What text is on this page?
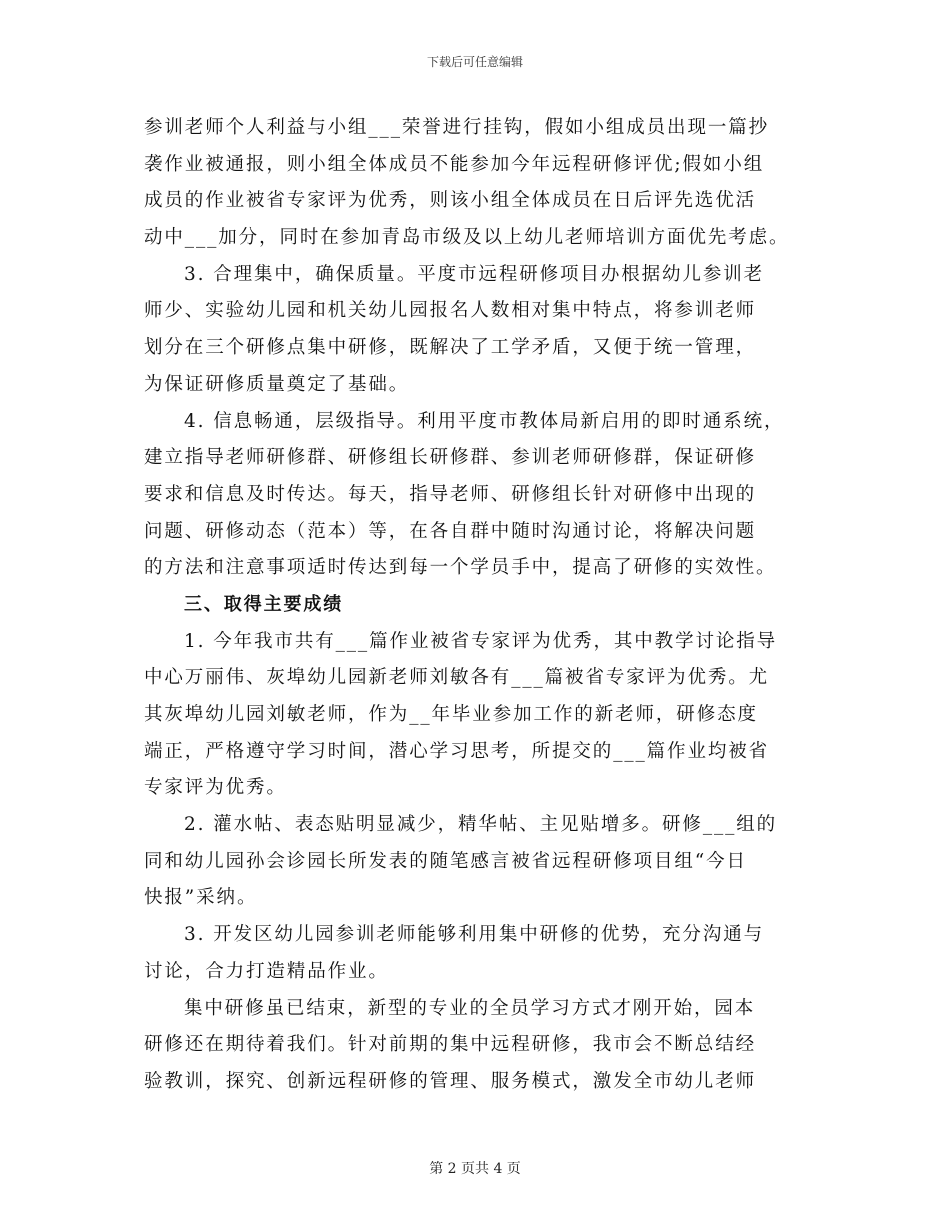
下载后可任意编辑
参训老师个人利益与小组___荣誉进行挂钩，假如小组成员出现一篇抄
袭作业被通报，则小组全体成员不能参加今年远程研修评优;假如小组
成员的作业被省专家评为优秀，则该小组全体成员在日后评先选优活
动中___加分，同时在参加青岛市级及以上幼儿老师培训方面优先考虑。
3. 合理集中，确保质量。平度市远程研修项目办根据幼儿参训老
师少、实验幼儿园和机关幼儿园报名人数相对集中特点，将参训老师
划分在三个研修点集中研修，既解决了工学矛盾，又便于统一管理，
为保证研修质量奠定了基础。
4. 信息畅通，层级指导。利用平度市教体局新启用的即时通系统，
建立指导老师研修群、研修组长研修群、参训老师研修群，保证研修
要求和信息及时传达。每天，指导老师、研修组长针对研修中出现的
问题、研修动态（范本）等，在各自群中随时沟通讨论，将解决问题
的方法和注意事项适时传达到每一个学员手中，提高了研修的实效性。
三、取得主要成绩
1. 今年我市共有___篇作业被省专家评为优秀，其中教学讨论指导
中心万丽伟、灰埠幼儿园新老师刘敏各有___篇被省专家评为优秀。尤
其灰埠幼儿园刘敏老师，作为__年毕业参加工作的新老师，研修态度
端正，严格遵守学习时间，潜心学习思考，所提交的___篇作业均被省
专家评为优秀。
2. 灌水帖、表态贴明显减少，精华帖、主见贴增多。研修___组的
同和幼儿园孙会诊园长所发表的随笔感言被省远程研修项目组“今日
快报”采纳。
3. 开发区幼儿园参训老师能够利用集中研修的优势，充分沟通与
讨论，合力打造精品作业。
集中研修虽已结束，新型的专业的全员学习方式才刚开始，园本
研修还在期待着我们。针对前期的集中远程研修，我市会不断总结经
验教训，探究、创新远程研修的管理、服务模式，激发全市幼儿老师
第 2 页共 4 页
